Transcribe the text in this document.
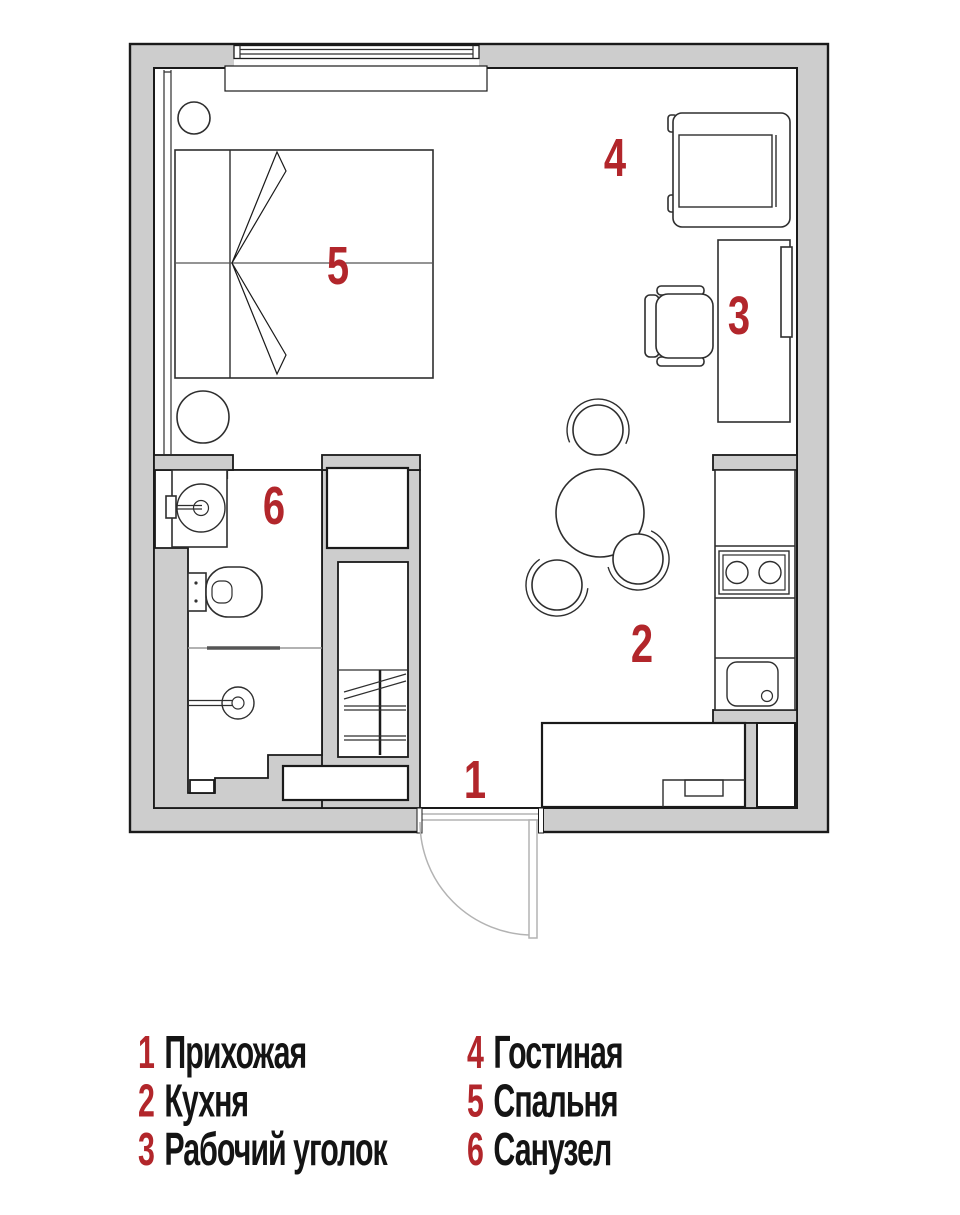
1
2
3
4
5
6
1 Прихожая
2 Кухня
3 Рабочий уголок
4 Гостиная
5 Спальня
6 Санузел
